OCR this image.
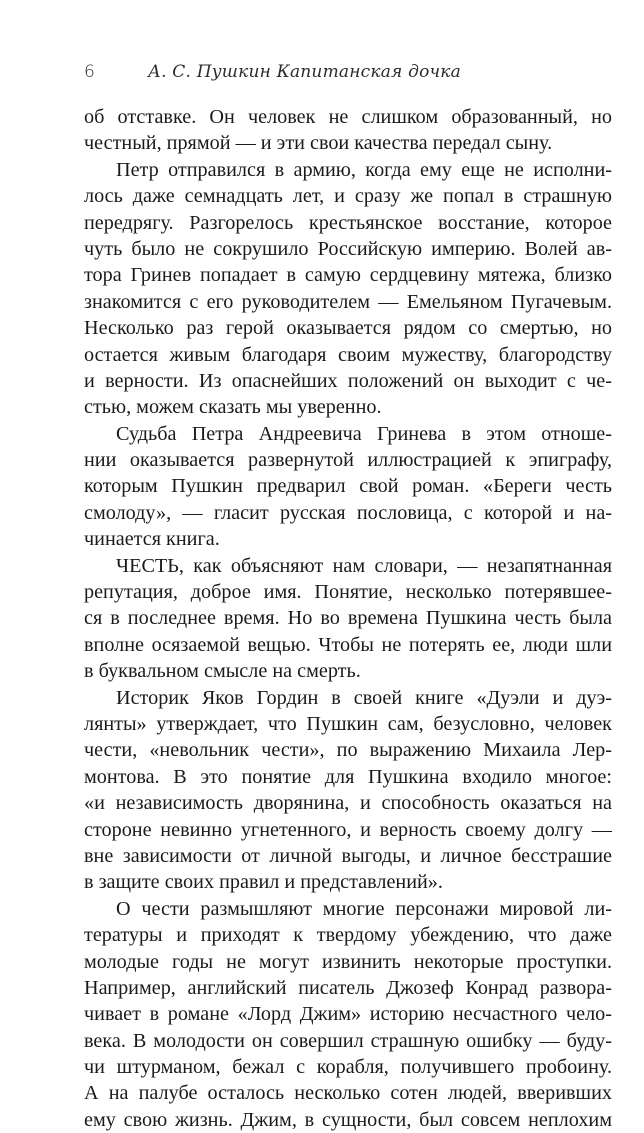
6	А. С. Пушкин Капитанская дочка
об отставке. Он человек не слишком образованный, но
честный, прямой — и эти свои качества передал сыну.
Петр отправился в армию, когда ему еще не исполни-
лось даже семнадцать лет, и сразу же попал в страшную
передрягу. Разгорелось крестьянское восстание, которое
чуть было не сокрушило Российскую империю. Волей ав-
тора Гринев попадает в самую сердцевину мятежа, близко
знакомится с его руководителем — Емельяном Пугачевым.
Несколько раз герой оказывается рядом со смертью, но
остается живым благодаря своим мужеству, благородству
и верности. Из опаснейших положений он выходит с че-
стью, можем сказать мы уверенно.
Судьба Петра Андреевича Гринева в этом отноше-
нии оказывается развернутой иллюстрацией к эпиграфу,
которым Пушкин предварил свой роман. «Береги честь
смолоду», — гласит русская пословица, с которой и на-
чинается книга.
ЧЕСТЬ, как объясняют нам словари, — незапятнанная
репутация, доброе имя. Понятие, несколько потерявшее-
ся в последнее время. Но во времена Пушкина честь была
вполне осязаемой вещью. Чтобы не потерять ее, люди шли
в буквальном смысле на смерть.
Историк Яков Гордин в своей книге «Дуэли и дуэ-
лянты» утверждает, что Пушкин сам, безусловно, человек
чести, «невольник чести», по выражению Михаила Лер-
монтова. В это понятие для Пушкина входило многое:
«и независимость дворянина, и способность оказаться на
стороне невинно угнетенного, и верность своему долгу —
вне зависимости от личной выгоды, и личное бесстрашие
в защите своих правил и представлений».
О чести размышляют многие персонажи мировой ли-
тературы и приходят к твердому убеждению, что даже
молодые годы не могут извинить некоторые проступки.
Например, английский писатель Джозеф Конрад развора-
чивает в романе «Лорд Джим» историю несчастного чело-
века. В молодости он совершил страшную ошибку — буду-
чи штурманом, бежал с корабля, получившего пробоину.
А на палубе осталось несколько сотен людей, вверивших
ему свою жизнь. Джим, в сущности, был совсем неплохим
